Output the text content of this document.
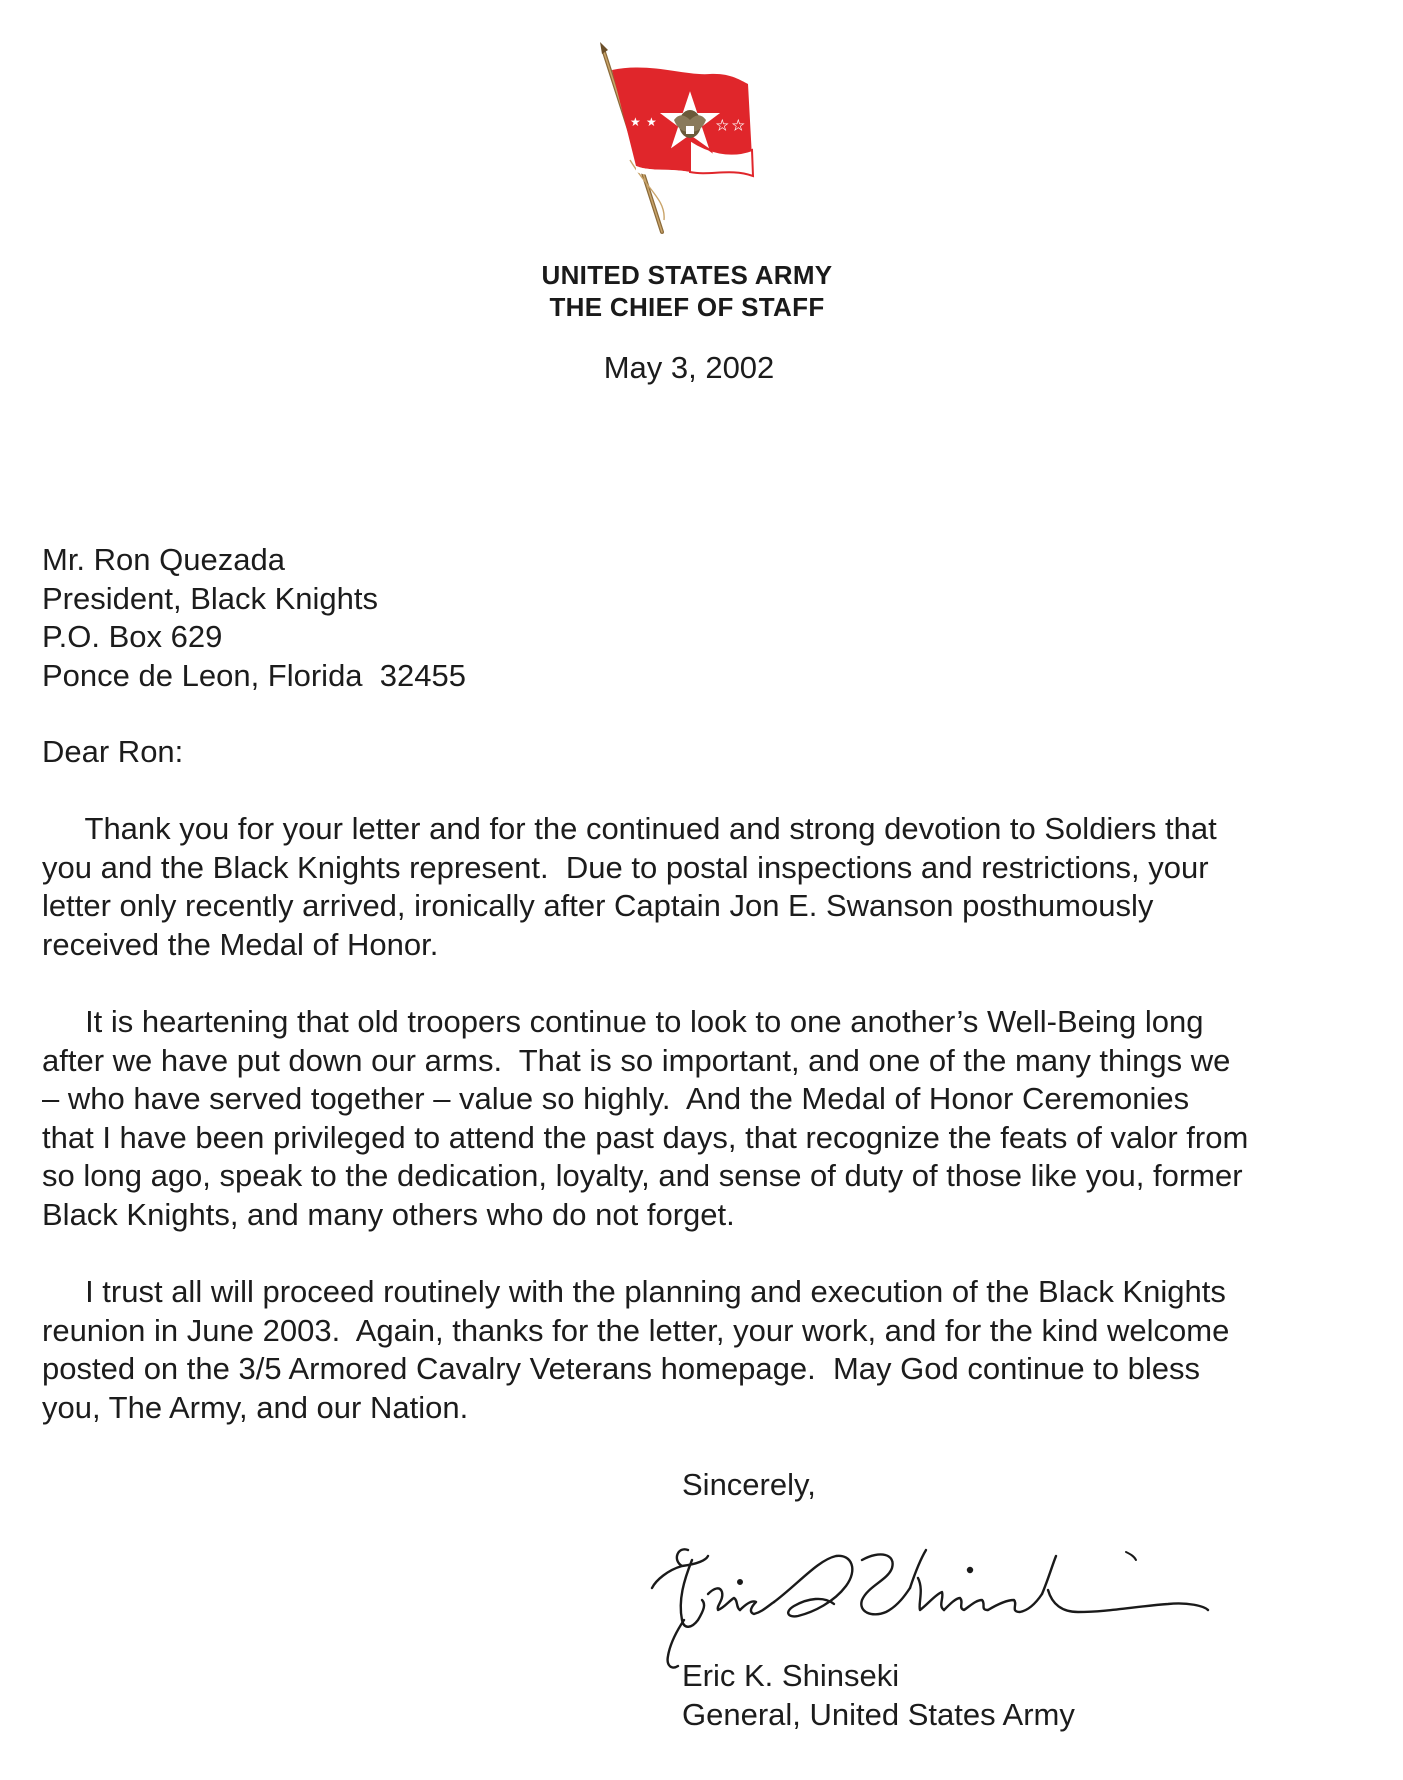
★ ★	★ ★
UNITED STATES ARMY
THE CHIEF OF STAFF
May 3, 2002
Mr. Ron Quezada
President, Black Knights
P.O. Box 629
Ponce de Leon, Florida  32455
Dear Ron:
Thank you for your letter and for the continued and strong devotion to Soldiers that
you and the Black Knights represent.  Due to postal inspections and restrictions, your
letter only recently arrived, ironically after Captain Jon E. Swanson posthumously
received the Medal of Honor.
It is heartening that old troopers continue to look to one another’s Well-Being long
after we have put down our arms.  That is so important, and one of the many things we
– who have served together – value so highly.  And the Medal of Honor Ceremonies
that I have been privileged to attend the past days, that recognize the feats of valor from
so long ago, speak to the dedication, loyalty, and sense of duty of those like you, former
Black Knights, and many others who do not forget.
I trust all will proceed routinely with the planning and execution of the Black Knights
reunion in June 2003.  Again, thanks for the letter, your work, and for the kind welcome
posted on the 3/5 Armored Cavalry Veterans homepage.  May God continue to bless
you, The Army, and our Nation.
Sincerely,
Eric K. Shinseki
General, United States Army
